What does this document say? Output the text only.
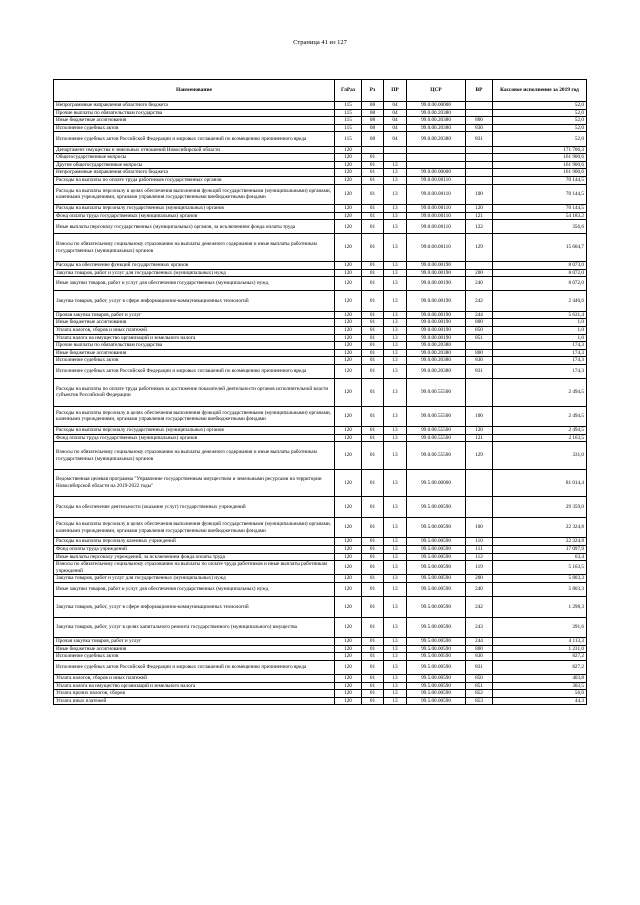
Страница 41 из 127
Наименование	ГлРаз	Рз	ПР	ЦСР	ВР	Кассовое исполнение за 2019 год
Непрограммные направления областного бюджета	115	08	04	99.0.00.00000		52,0
Прочие выплаты по обязательствам государства	115	08	04	99.0.00.20380		52,0
Иные бюджетные ассигнования	115	08	04	99.0.00.20380	800	52,0
Исполнение судебных актов	115	08	04	99.0.00.20380	830	52,0
Исполнение судебных актов Российской Федерации и мировых соглашений по возмещению причиненного вреда	115	08	04	99.0.00.20380	831	52,0
Департамент имущества и земельных отношений Новосибирской области	120					171 706,3
Общегосударственные вопросы	120	01				161 900,6
Другие общегосударственные вопросы	120	01	13			161 900,6
Непрограммные направления областного бюджета	120	01	13	99.0.00.00000		161 900,6
Расходы на выплаты по оплате труда работников государственных органов	120	01	13	99.0.00.00110		70 144,5
Расходы на выплаты персоналу в целях обеспечения выполнения функций государственными (муниципальными) органами, казенными учреждениями, органами управления государственными внебюджетными фондами	120	01	13	99.0.00.00110	100	70 144,5
Расходы на выплаты персоналу государственных (муниципальных) органов	120	01	13	99.0.00.00110	120	70 144,5
Фонд оплаты труда государственных (муниципальных) органов	120	01	13	99.0.00.00110	121	54 183,2
Иные выплаты персоналу государственных (муниципальных) органов, за исключением фонда оплаты труда	120	01	13	99.0.00.00110	122	356,6
Взносы по обязательному социальному страхованию на выплаты денежного содержания и иные выплаты работникам государственных (муниципальных) органов	120	01	13	99.0.00.00110	129	15 604,7
Расходы на обеспечение функций государственных органов	120	01	13	99.0.00.00190		8 073,0
Закупка товаров, работ и услуг для государственных (муниципальных) нужд	120	01	13	99.0.00.00190	200	8 072,0
Иные закупки товаров, работ и услуг для обеспечения государственных (муниципальных) нужд	120	01	13	99.0.00.00190	240	8 072,0
Закупка товаров, работ, услуг в сфере информационно-коммуникационных технологий	120	01	13	99.0.00.00190	242	2 440,6
Прочая закупка товаров, работ и услуг	120	01	13	99.0.00.00190	244	5 631,4
Иные бюджетные ассигнования	120	01	13	99.0.00.00190	800	1,0
Уплата налогов, сборов и иных платежей	120	01	13	99.0.00.00190	850	1,0
Уплата налога на имущество организаций и земельного налога	120	01	13	99.0.00.00190	851	1,0
Прочие выплаты по обязательствам государства	120	01	13	99.0.00.20380		174,3
Иные бюджетные ассигнования	120	01	13	99.0.00.20380	800	174,3
Исполнение судебных актов	120	01	13	99.0.00.20380	830	174,3
Исполнение судебных актов Российской Федерации и мировых соглашений по возмещению причиненного вреда	120	01	13	99.0.00.20380	831	174,3
Расходы на выплаты по оплате труда работников за достижение показателей деятельности органов исполнительной власти субъектов Российской Федерации	120	01	13	99.0.00.55500		2 494,5
Расходы на выплаты персоналу в целях обеспечения выполнения функций государственными (муниципальными) органами, казенными учреждениями, органами управления государственными внебюджетными фондами	120	01	13	99.0.00.55500	100	2 494,5
Расходы на выплаты персоналу государственных (муниципальных) органов	120	01	13	99.0.00.55500	120	2 494,5
Фонд оплаты труда государственных (муниципальных) органов	120	01	13	99.0.00.55500	121	2 163,5
Взносы по обязательному социальному страхованию на выплаты денежного содержания и иные выплаты работникам государственных (муниципальных) органов	120	01	13	99.0.00.55500	129	331,0
Ведомственная целевая программа "Управление государственным имуществом и земельными ресурсами на территории Новосибирской области на 2019-2022 годы"	120	01	13	99.5.00.00000		81 014,4
Расходы на обеспечение деятельности (оказание услуг) государственных учреждений	120	01	13	99.5.00.00590		29 359,0
Расходы на выплаты персоналу в целях обеспечения выполнения функций государственными (муниципальными) органами, казенными учреждениями, органами управления государственными внебюджетными фондами	120	01	13	99.5.00.00590	100	22 324,8
Расходы на выплаты персоналу казенных учреждений	120	01	13	99.5.00.00590	110	22 324,8
Фонд оплаты труда учреждений	120	01	13	99.5.00.00590	111	17 097,9
Иные выплаты персоналу учреждений, за исключением фонда оплаты труда	120	01	13	99.5.00.00590	112	63,4
Взносы по обязательному социальному страхованию на выплаты по оплате труда работников и иные выплаты работникам учреждений	120	01	13	99.5.00.00590	119	5 163,5
Закупка товаров, работ и услуг для государственных (муниципальных) нужд	120	01	13	99.5.00.00590	200	5 803,3
Иные закупки товаров, работ и услуг для обеспечения государственных (муниципальных) нужд	120	01	13	99.5.00.00590	240	5 803,3
Закупка товаров, работ, услуг в сфере информационно-коммуникационных технологий	120	01	13	99.5.00.00590	242	1 298,3
Закупка товаров, работ, услуг в целях капитального ремонта государственного (муниципального) имущества	120	01	13	99.5.00.00590	243	391,6
Прочая закупка товаров, работ и услуг	120	01	13	99.5.00.00590	244	4 113,3
Иные бюджетные ассигнования	120	01	13	99.5.00.00590	800	1 231,0
Исполнение судебных актов	120	01	13	99.5.00.00590	830	827,2
Исполнение судебных актов Российской Федерации и мировых соглашений по возмещению причиненного вреда	120	01	13	99.5.00.00590	831	827,2
Уплата налогов, сборов и иных платежей	120	01	13	99.5.00.00590	850	403,8
Уплата налога на имущество организаций и земельного налога	120	01	13	99.5.00.00590	851	303,5
Уплата прочих налогов, сборов	120	01	13	99.5.00.00590	852	56,0
Уплата иных платежей	120	01	13	99.5.00.00590	853	44,3
